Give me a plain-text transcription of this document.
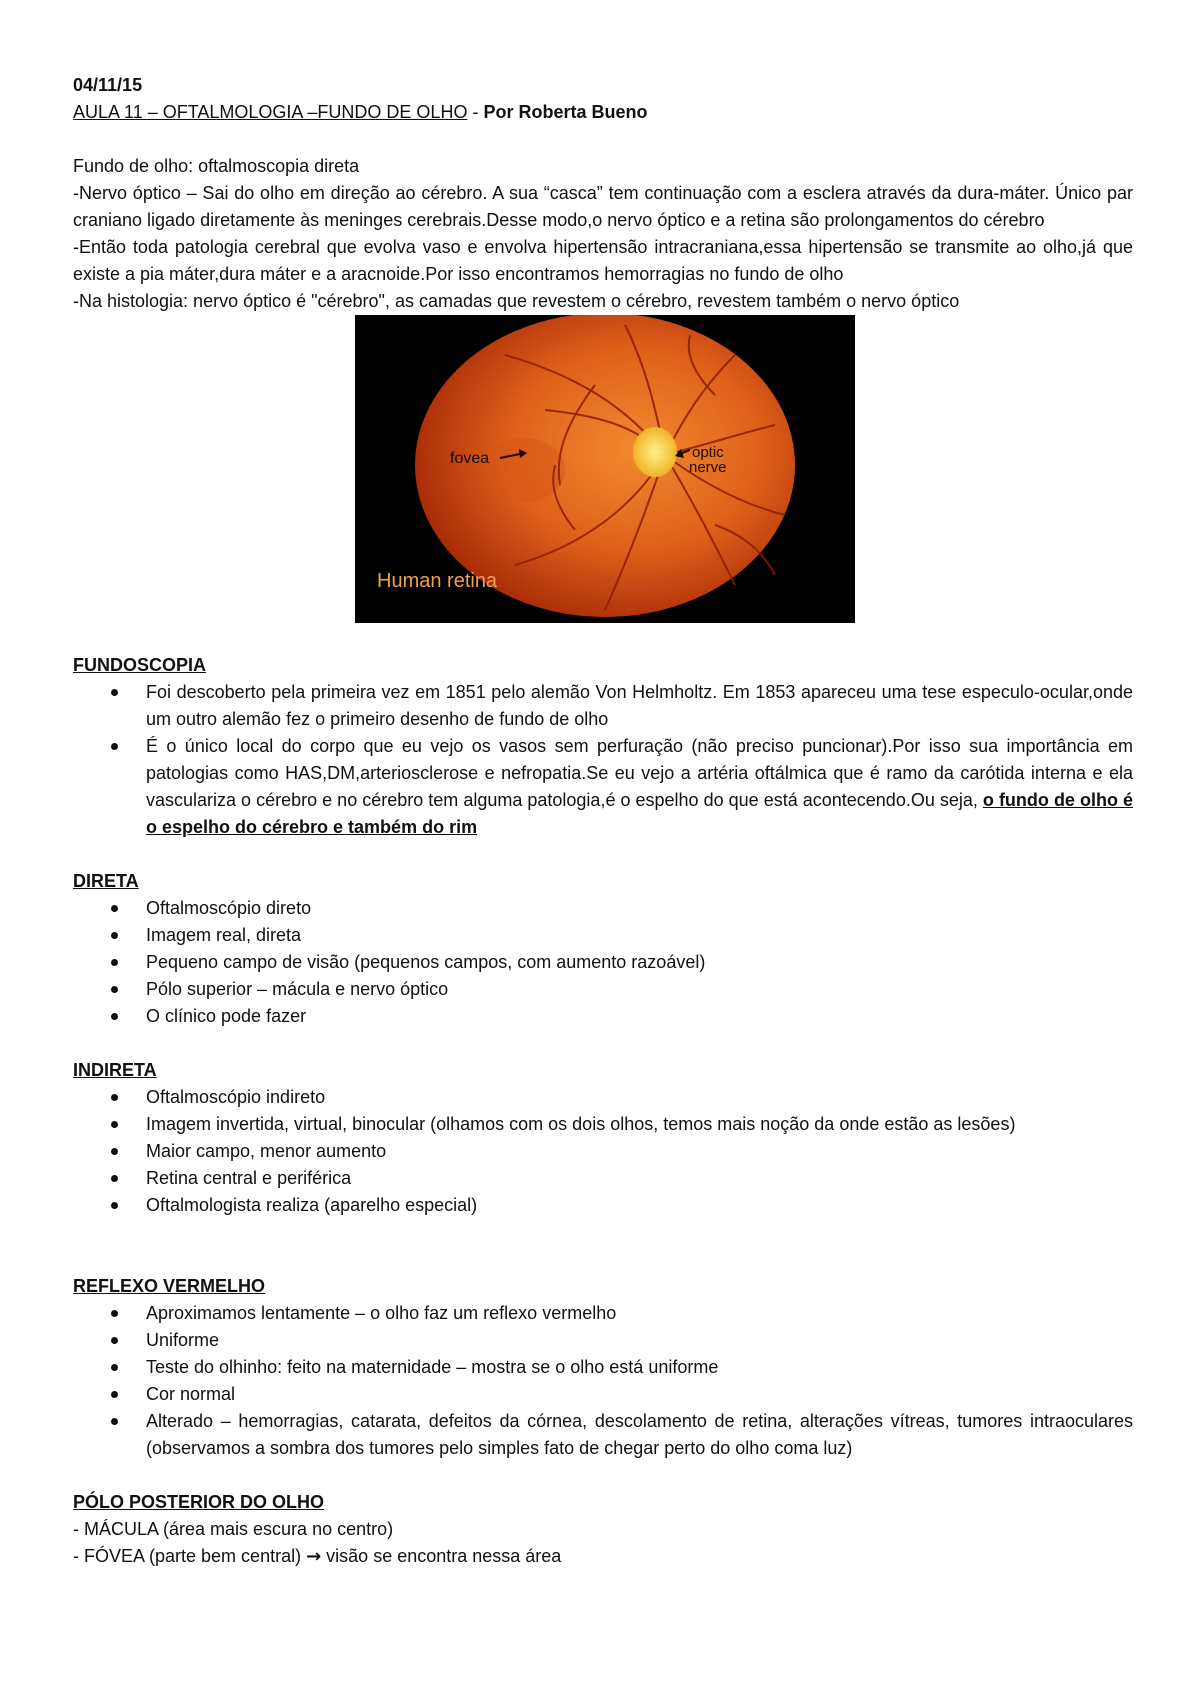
04/11/15

AULA 11 – OFTALMOLOGIA –FUNDO DE OLHO - Por Roberta Bueno

Fundo de olho: oftalmoscopia direta

-Nervo óptico – Sai do olho em direção ao cérebro. A sua “casca” tem continuação com a esclera através da dura-máter. Único par craniano ligado diretamente às meninges cerebrais.Desse modo,o nervo óptico e a retina são prolongamentos do cérebro

-Então toda patologia cerebral que evolva vaso e envolva hipertensão intracraniana,essa hipertensão se transmite ao olho,já que existe a pia máter,dura máter e a aracnoide.Por isso encontramos hemorragias no fundo de olho

-Na histologia: nervo óptico é "cérebro", as camadas que revestem o cérebro, revestem também o nervo óptico

fovea	optic
nerve
Human retina

FUNDOSCOPIA

Foi descoberto pela primeira vez em 1851 pelo alemão Von Helmholtz. Em 1853 apareceu uma tese especulo-ocular,onde um outro alemão fez o primeiro desenho de fundo de olho
É o único local do corpo que eu vejo os vasos sem perfuração (não preciso puncionar).Por isso sua importância em patologias como HAS,DM,arteriosclerose e nefropatia.Se eu vejo a artéria oftálmica que é ramo da carótida interna e ela vasculariza o cérebro e no cérebro tem alguma patologia,é o espelho do que está acontecendo.Ou seja, o fundo de olho é o espelho do cérebro e também do rim

DIRETA

Oftalmoscópio direto
Imagem real, direta
Pequeno campo de visão (pequenos campos, com aumento razoável)
Pólo superior – mácula e nervo óptico
O clínico pode fazer

INDIRETA

Oftalmoscópio indireto
Imagem invertida, virtual, binocular (olhamos com os dois olhos, temos mais noção da onde estão as lesões)
Maior campo, menor aumento
Retina central e periférica
Oftalmologista realiza (aparelho especial)

REFLEXO VERMELHO

Aproximamos lentamente – o olho faz um reflexo vermelho
Uniforme
Teste do olhinho: feito na maternidade – mostra se o olho está uniforme
Cor normal
Alterado – hemorragias, catarata, defeitos da córnea, descolamento de retina, alterações vítreas, tumores intraoculares (observamos a sombra dos tumores pelo simples fato de chegar perto do olho coma luz)

PÓLO POSTERIOR DO OLHO

- MÁCULA (área mais escura no centro)

- FÓVEA (parte bem central) → visão se encontra nessa área
